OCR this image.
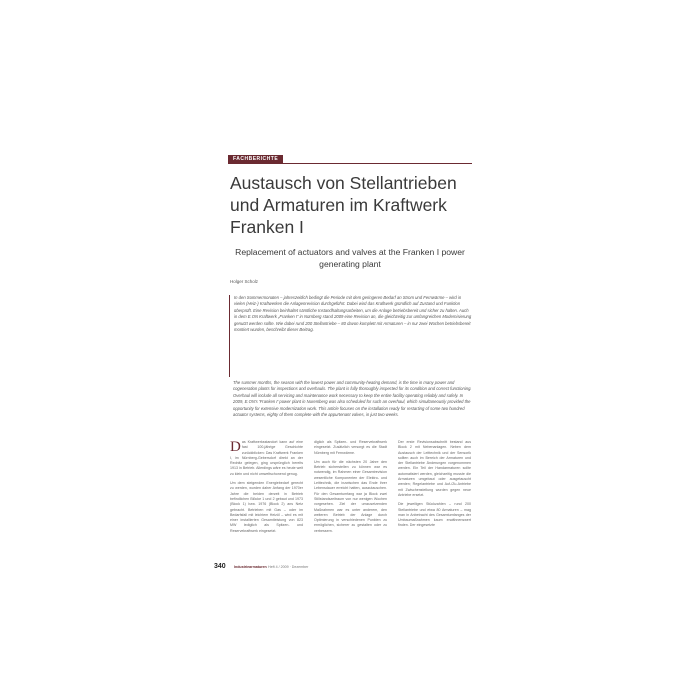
FACHBERICHTE
Austausch von Stellantrieben
und Armaturen im Kraftwerk
Franken I
Replacement of actuators and valves at the Franken I power
generating plant
Holger Scholz

In den Sommermonaten – jahreszeitlich bedingt die Periode mit dem geringeren Bedarf an Strom und Fernwärme – wird in vielen (Heiz-) Kraftwerken die Anlagenrevision durchgeführt. Dabei wird das Kraftwerk gründlich auf Zustand und Funktion überprüft. Eine Revision beinhaltet sämtliche Instandhaltungsarbeiten, um die Anlage betriebsbereit und sicher zu halten. Auch in dem E.ON Kraftwerk „Franken I“ in Nürnberg stand 2009 eine Revision an, die gleichzeitig zur umfangreichen Modernisierung genutzt werden sollte. Wie dabei rund 200 Stellantriebe – 80 davon komplett mit Armaturen – in nur zwei Wochen betriebsbereit montiert wurden, beschreibt dieser Beitrag.

The summer months, the season with the lowest power and community-heating demand, is the time in many power and cogeneration plants for inspections and overhauls. The plant is fully thoroughly inspected for its condition and correct functioning. Overhaul will include all servicing and maintenance work necessary to keep the entire facility operating reliably and safely. In 2009, E.ON's 'Franken I' power plant in Nuremberg was also scheduled for such an overhaul, which simultaneously provided the opportunity for extensive modernization work. This article focuses on the installation ready for restarting of some two hundred actuator systems, eighty of them complete with the appurtenant valves, in just two weeks.

Das Kraftwerksstandort kann auf eine fast 100-jährige Geschichte zurückblicken: Das Kraftwerk Franken I, im Nürnberg-Gebersdorf direkt an der Rednitz gelegen, ging ursprünglich bereits 1913 in Betrieb. Allerdings wäre es heute weit zu klein und nicht umweltschonend genug.

Um dem steigenden Energiebedarf gerecht zu werden, wurden daher Anfang der 1970er Jahre die beiden derzeit in Betrieb befindlichen Blöcke 1 und 2 gebaut und 1973 (Block 1) bzw. 1976 (Block 2) ans Netz gebracht. Betrieben mit Gas – oder im Bedarfsfall mit leichtem Heizöl – wird es mit einer installierten Gesamtleistung von 823 MW lediglich als Spitzen- und Reservekraftwerk eingesetzt.

dlglich als Spitzen- und Reservekraftwerk eingesetzt. Zusätzlich versorgt es die Stadt Nürnberg mit Fernwärme.

Um auch für die nächsten 20 Jahre den Betrieb sicherstellen zu können war es notwendig, im Rahmen einer Gesamtrevision wesentliche Komponenten der Elektro- und Leittechnik, die inzwischen das Ende ihrer Lebensdauer erreicht hatten, auszutauschen. Für den Gesamtumfang war ja Block zwei Stillstandszeitraum von nur wenigen Wochen vorgesehen. Ziel der umzusetzenden Maßnahmen war es unter anderem, den weiteren Betrieb der Anlage durch Optimierung in verschiedenen Punkten zu ermöglichen, sicherer zu gestalten oder zu verbessern.

Der erste Revisionsabschnitt bestand aus Block 2 mit Nebenanlagen. Neben dem Austausch der Leittechnik und der Sensorik sollten auch im Bereich der Armaturen und der Stellantriebe Änderungen vorgenommen werden. Ein Teil der Handarmaturen sollte automatisiert werden, gleichzeitig musste die Armaturen umgebaut oder ausgetauscht werden; Regelantriebe und Auf-/Zu-Antriebe mit Zwischenstellung wurden gegen neue Antriebe ersetzt.

Die jeweiligen Stückzahlen – rund 200 Stellantriebe und etwa 80 Armaturen – mag man in Anbetracht des Gesamtumfanges der Umbaumaßnahmen kaum erwähnenswert finden. Der eingesetzte

340 Industriearmaturen Heft 4 / 2009 · Dezember
